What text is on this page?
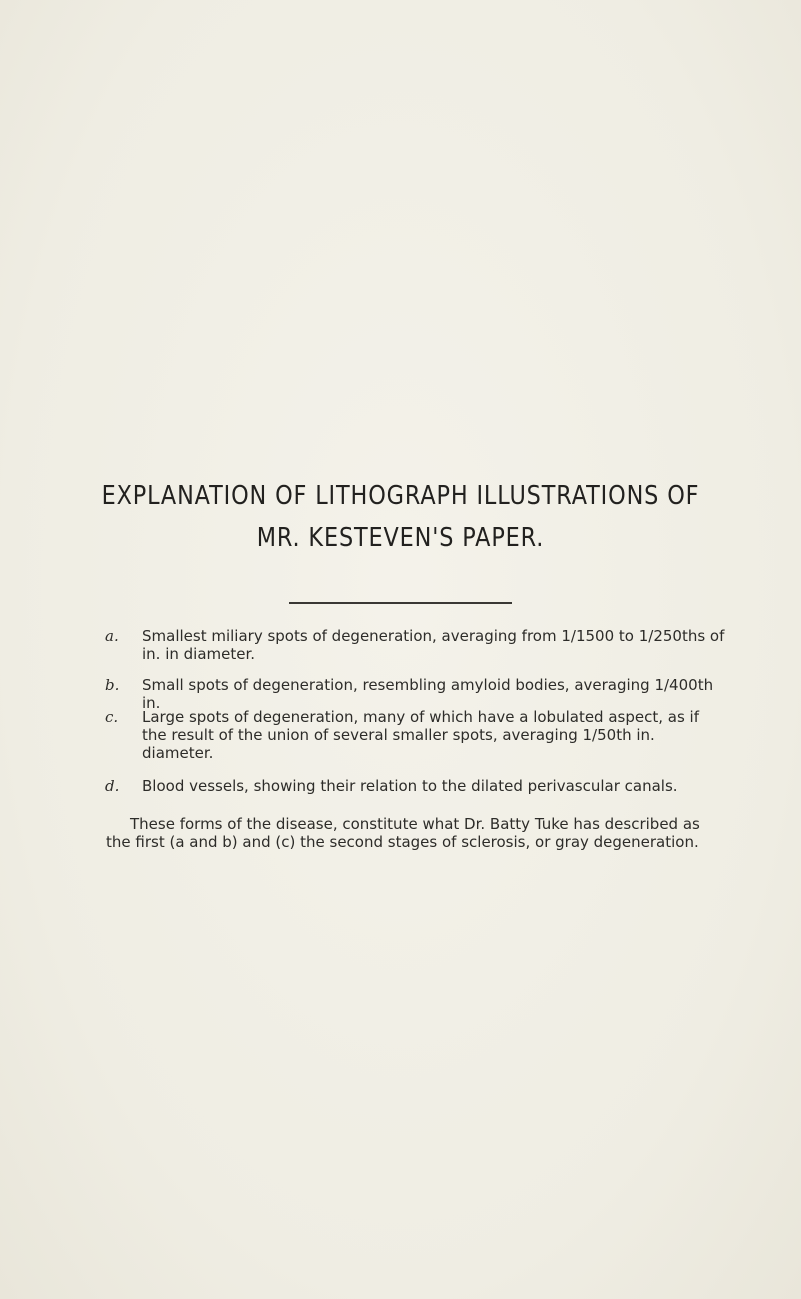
EXPLANATION OF LITHOGRAPH ILLUSTRATIONS OF
MR. KESTEVEN'S PAPER.
a.	Smallest miliary spots of degeneration, averaging from 1/1500 to 1/250ths of in. in diameter.
b.	Small spots of degeneration, resembling amyloid bodies, averaging 1/400th in.
c.	Large spots of degeneration, many of which have a lobulated aspect, as if the result of the union of several smaller spots, averaging 1/50th in. diameter.
d.	Blood vessels, showing their relation to the dilated perivascular canals.
These forms of the disease, constitute what Dr. Batty Tuke has described as
the first (a and b) and (c) the second stages of sclerosis, or gray degeneration.
